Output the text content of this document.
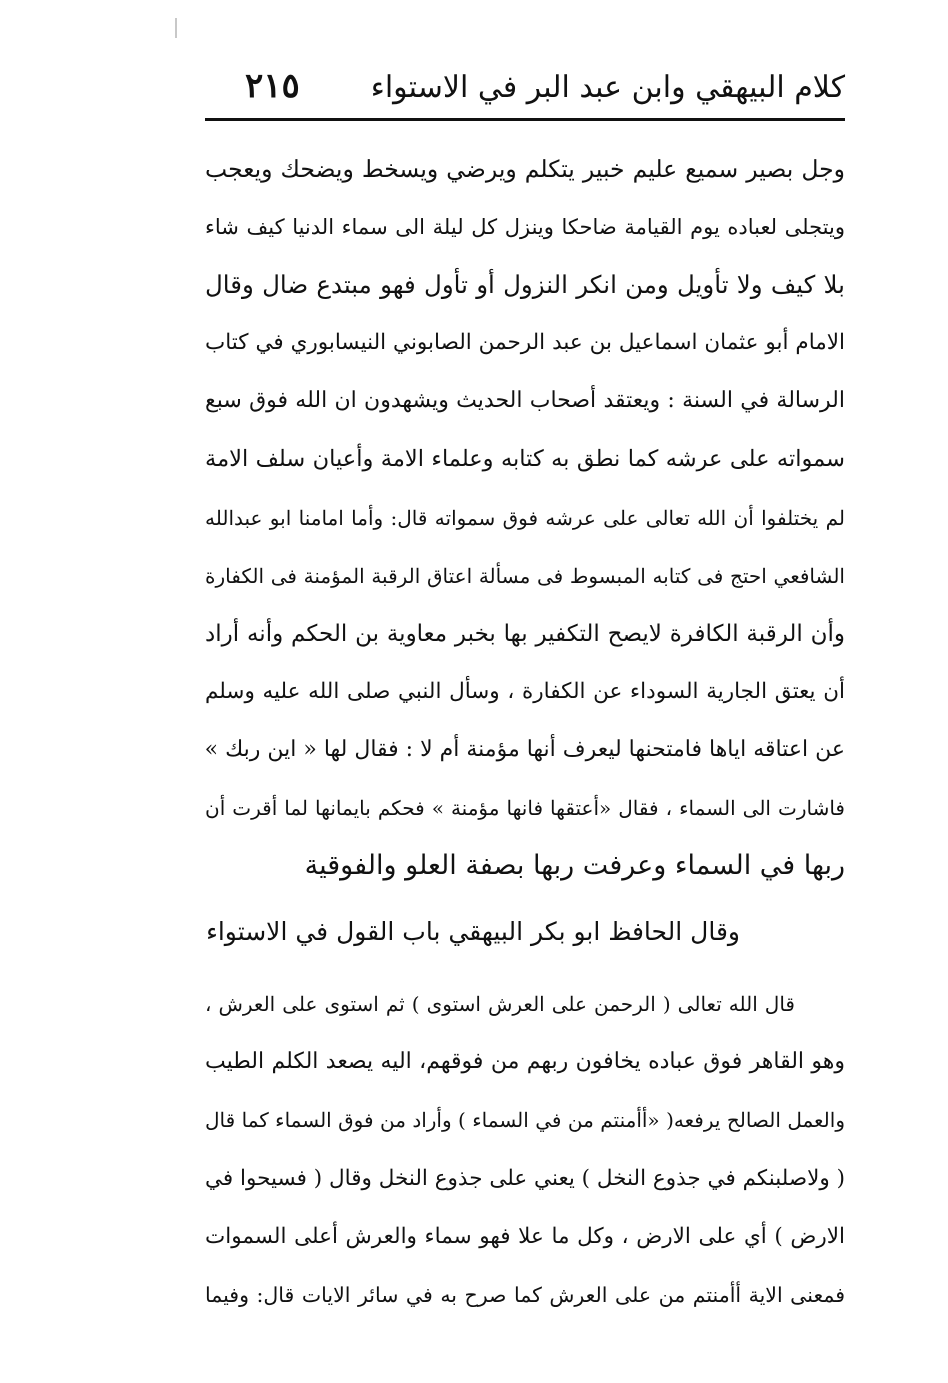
كلام البيهقي وابن عبد البر في الاستواء
٢١٥

وجل بصير سميع عليم خبير يتكلم ويرضي ويسخط ويضحك ويعجب

ويتجلى لعباده يوم القيامة ضاحكا وينزل كل ليلة الى سماء الدنيا كيف شاء

بلا كيف ولا تأويل ومن انكر النزول أو تأول فهو مبتدع ضال وقال

الامام أبو عثمان اسماعيل بن عبد الرحمن الصابوني النيسابوري في كتاب

الرسالة في السنة : ويعتقد أصحاب الحديث ويشهدون ان الله فوق سبع

سمواته على عرشه كما نطق به كتابه وعلماء الامة وأعيان سلف الامة

لم يختلفوا أن الله تعالى على عرشه فوق سمواته قال: وأما امامنا ابو عبدالله

الشافعي احتج فى كتابه المبسوط فى مسألة اعتاق الرقبة المؤمنة فى الكفارة

وأن الرقبة الكافرة لايصح التكفير بها بخبر معاوية بن الحكم وأنه أراد

أن يعتق الجارية السوداء عن الكفارة ، وسأل النبي صلى الله عليه وسلم

عن اعتاقه اياها فامتحنها ليعرف أنها مؤمنة أم لا : فقال لها « اين ربك »

فاشارت الى السماء ، فقال «أعتقها فانها مؤمنة » فحكم بايمانها لما أقرت أن

ربها في السماء وعرفت ربها بصفة العلو والفوقية

وقال الحافظ ابو بكر البيهقي باب القول في الاستواء

قال الله تعالى ( الرحمن على العرش استوى ) ثم استوى على العرش ،

وهو القاهر فوق عباده يخافون ربهم من فوقهم، اليه يصعد الكلم الطيب

والعمل الصالح يرفعه( «أأمنتم من في السماء ) وأراد من فوق السماء كما قال

( ولاصلبنكم في جذوع النخل ) يعني على جذوع النخل وقال ( فسيحوا في

الارض ) أي على الارض ، وكل ما علا فهو سماء والعرش أعلى السموات

فمعنى الاية أأمنتم من على العرش كما صرح به في سائر الايات قال: وفيما
